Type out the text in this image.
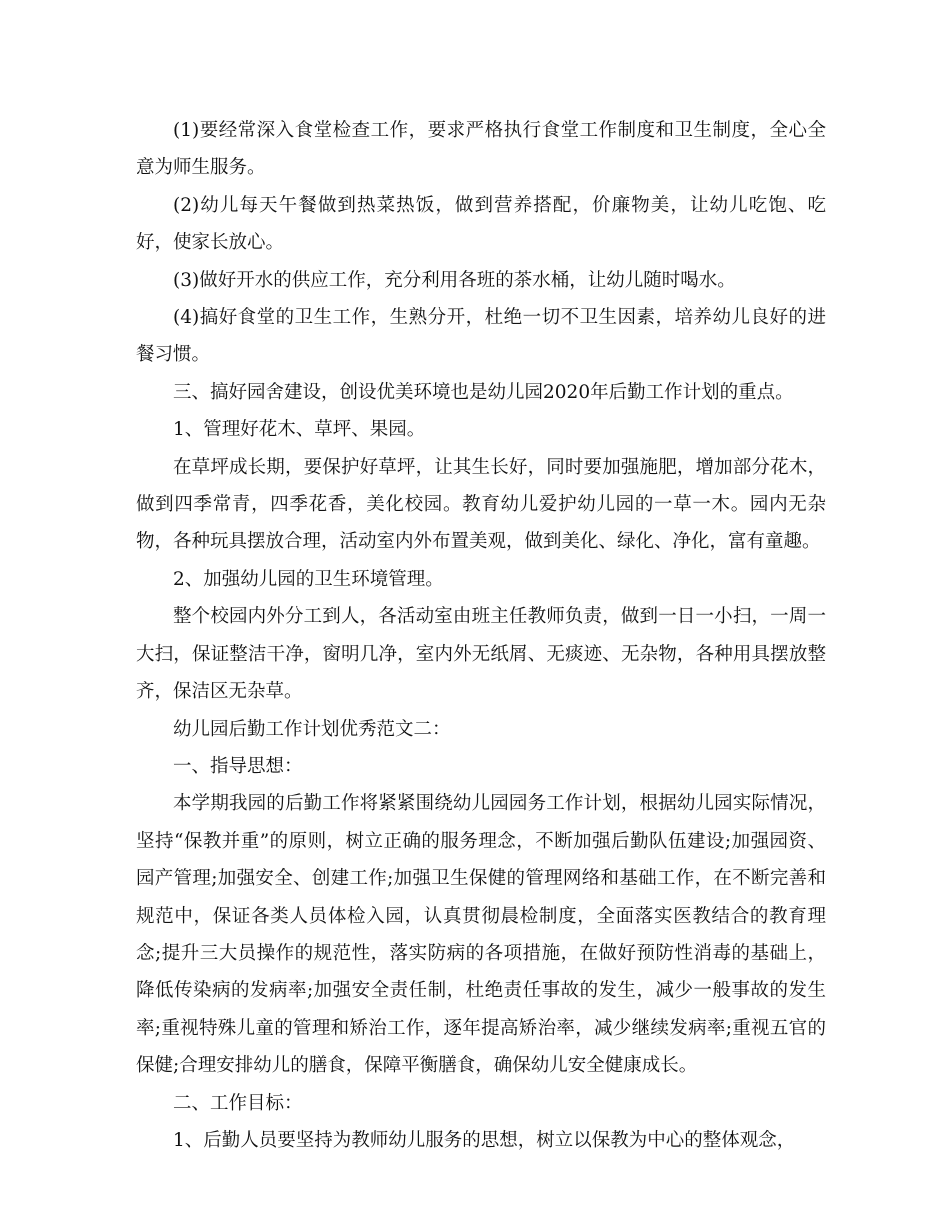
(1)要经常深入食堂检查工作，要求严格执行食堂工作制度和卫生制度，全心全意为师生服务。

(2)幼儿每天午餐做到热菜热饭，做到营养搭配，价廉物美，让幼儿吃饱、吃好，使家长放心。

(3)做好开水的供应工作，充分利用各班的茶水桶，让幼儿随时喝水。

(4)搞好食堂的卫生工作，生熟分开，杜绝一切不卫生因素，培养幼儿良好的进餐习惯。

三、搞好园舍建设，创设优美环境也是幼儿园2020年后勤工作计划的重点。

1、管理好花木、草坪、果园。

在草坪成长期，要保护好草坪，让其生长好，同时要加强施肥，增加部分花木，做到四季常青，四季花香，美化校园。教育幼儿爱护幼儿园的一草一木。园内无杂物，各种玩具摆放合理，活动室内外布置美观，做到美化、绿化、净化，富有童趣。

2、加强幼儿园的卫生环境管理。

整个校园内外分工到人，各活动室由班主任教师负责，做到一日一小扫，一周一大扫，保证整洁干净，窗明几净，室内外无纸屑、无痰迹、无杂物，各种用具摆放整齐，保洁区无杂草。

幼儿园后勤工作计划优秀范文二：

一、指导思想：

本学期我园的后勤工作将紧紧围绕幼儿园园务工作计划，根据幼儿园实际情况，坚持“保教并重”的原则，树立正确的服务理念，不断加强后勤队伍建设;加强园资、园产管理;加强安全、创建工作;加强卫生保健的管理网络和基础工作，在不断完善和规范中，保证各类人员体检入园，认真贯彻晨检制度，全面落实医教结合的教育理念;提升三大员操作的规范性，落实防病的各项措施，在做好预防性消毒的基础上，降低传染病的发病率;加强安全责任制，杜绝责任事故的发生，减少一般事故的发生率;重视特殊儿童的管理和矫治工作，逐年提高矫治率，减少继续发病率;重视五官的保健;合理安排幼儿的膳食，保障平衡膳食，确保幼儿安全健康成长。

二、工作目标：

1、后勤人员要坚持为教师幼儿服务的思想，树立以保教为中心的整体观念，
